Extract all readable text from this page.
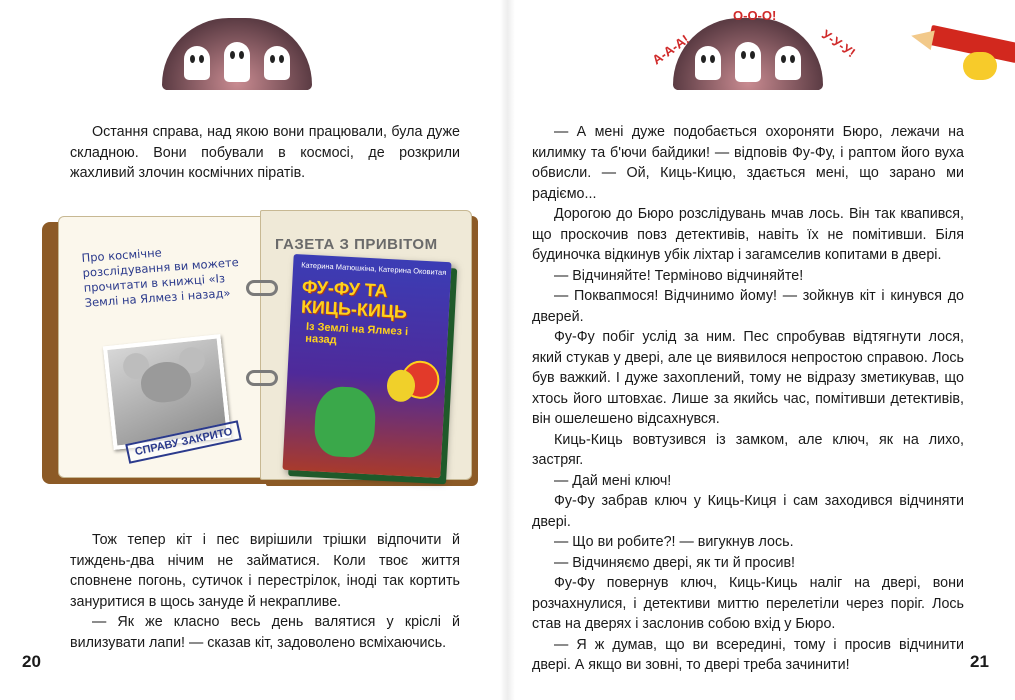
Остання справа, над якою вони працювали, була дуже складною. Вони побували в космосі, де розкрили жахливий злочин космічних піратів.

Про космічне розслідування ви можете прочитати в книжці «Із Землі на Ялмез і назад»
СПРАВУ ЗАКРИТО
ГАЗЕТА З ПРИВІТОМ
Катерина Матюшкіна, Катерина Оковитая
ФУ-ФУ ТА КИЦЬ-КИЦЬ
Із Землі на Ялмез і назад

Тож тепер кіт і пес вирішили трішки відпочити й тиждень-два нічим не займатися. Коли твоє життя сповнене погонь, сутичок і перестрілок, іноді так кортить зануритися в щось зануде й некрапливе.

— Як же класно весь день валятися у кріслі й вилизувати лапи! — сказав кіт, задоволено всміхаючись.

20
А-А-А!
О-О-О!
У-У-У!

— А мені дуже подобається охороняти Бюро, лежачи на килимку та б'ючи байдики! — відповів Фу-Фу, і раптом його вуха обвисли. — Ой, Киць-Кицю, здається мені, що зарано ми радіємо...

Дорогою до Бюро розслідувань мчав лось. Він так квапився, що проскочив повз детективів, навіть їх не помітивши. Біля будиночка відкинув убік ліхтар і загамселив копитами в двері.

— Відчиняйте! Терміново відчиняйте!

— Поквапмося! Відчинимо йому! — зойкнув кіт і кинувся до дверей.

Фу-Фу побіг услід за ним. Пес спробував відтягнути лося, який стукав у двері, але це виявилося непростою справою. Лось був важкий. І дуже захоплений, тому не відразу зметикував, що хтось його штовхає. Лише за якийсь час, помітивши детективів, він ошелешено відсахнувся.

Киць-Киць вовтузився із замком, але ключ, як на лихо, застряг.

— Дай мені ключ!

Фу-Фу забрав ключ у Киць-Киця і сам заходився відчиняти двері.

— Що ви робите?! — вигукнув лось.

— Відчиняємо двері, як ти й просив!

Фу-Фу повернув ключ, Киць-Киць наліг на двері, вони розчахнулися, і детективи миттю перелетіли через поріг. Лось став на дверях і заслонив собою вхід у Бюро.

— Я ж думав, що ви всередині, тому і просив відчинити двері. А якщо ви зовні, то двері треба зачинити!	21
